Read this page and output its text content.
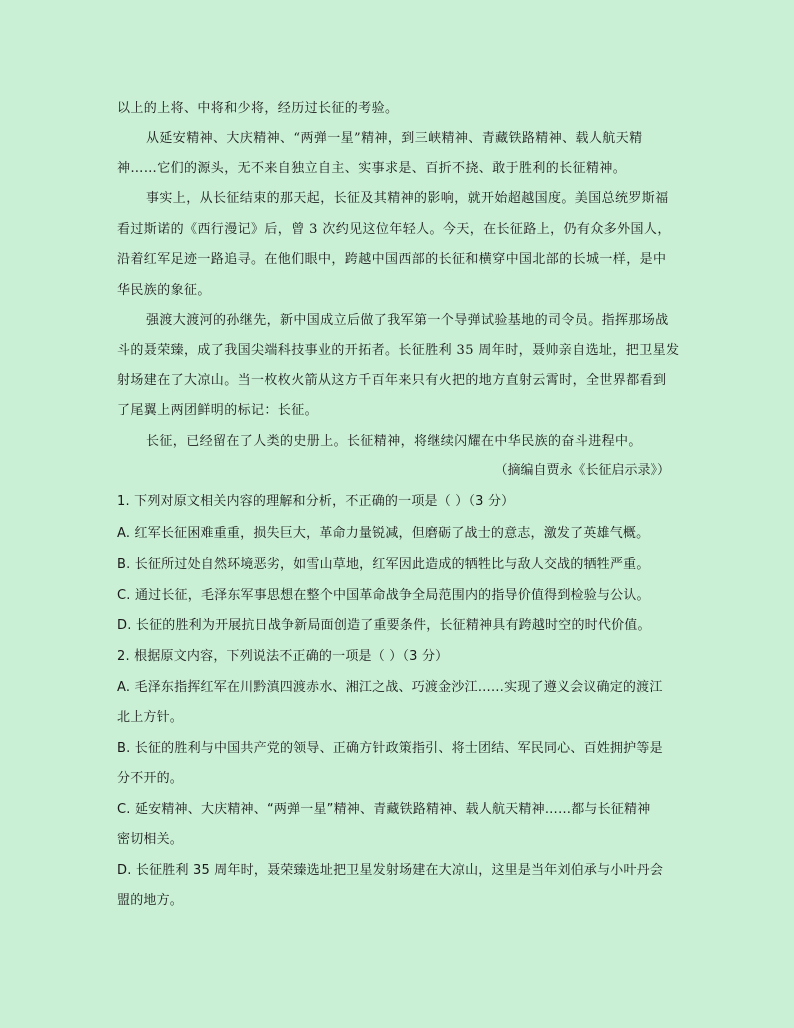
以上的上将、中将和少将，经历过长征的考验。
从延安精神、大庆精神、“两弹一星”精神，到三峡精神、青藏铁路精神、载人航天精
神……它们的源头，无不来自独立自主、实事求是、百折不挠、敢于胜利的长征精神。
事实上，从长征结束的那天起，长征及其精神的影响，就开始超越国度。美国总统罗斯福
看过斯诺的《西行漫记》后，曾 3 次约见这位年轻人。今天，在长征路上，仍有众多外国人，
沿着红军足迹一路追寻。在他们眼中，跨越中国西部的长征和横穿中国北部的长城一样，是中
华民族的象征。
强渡大渡河的孙继先，新中国成立后做了我军第一个导弹试验基地的司令员。指挥那场战
斗的聂荣臻，成了我国尖端科技事业的开拓者。长征胜利 35 周年时，聂帅亲自选址，把卫星发
射场建在了大凉山。当一枚枚火箭从这方千百年来只有火把的地方直射云霄时，全世界都看到
了尾翼上两团鲜明的标记：长征。
长征，已经留在了人类的史册上。长征精神，将继续闪耀在中华民族的奋斗进程中。
（摘编自贾永《长征启示录》）
1. 下列对原文相关内容的理解和分析，不正确的一项是（ ）（3 分）
A. 红军长征困难重重，损失巨大，革命力量锐减，但磨砺了战士的意志，激发了英雄气概。
B. 长征所过处自然环境恶劣，如雪山草地，红军因此造成的牺牲比与敌人交战的牺牲严重。
C. 通过长征，毛泽东军事思想在整个中国革命战争全局范围内的指导价值得到检验与公认。
D. 长征的胜利为开展抗日战争新局面创造了重要条件，长征精神具有跨越时空的时代价值。
2. 根据原文内容，下列说法不正确的一项是（ ）（3 分）
A. 毛泽东指挥红军在川黔滇四渡赤水、湘江之战、巧渡金沙江……实现了遵义会议确定的渡江
北上方针。
B. 长征的胜利与中国共产党的领导、正确方针政策指引、将士团结、军民同心、百姓拥护等是
分不开的。
C. 延安精神、大庆精神、“两弹一星”精神、青藏铁路精神、载人航天精神……都与长征精神
密切相关。
D. 长征胜利 35 周年时，聂荣臻选址把卫星发射场建在大凉山，这里是当年刘伯承与小叶丹会
盟的地方。
